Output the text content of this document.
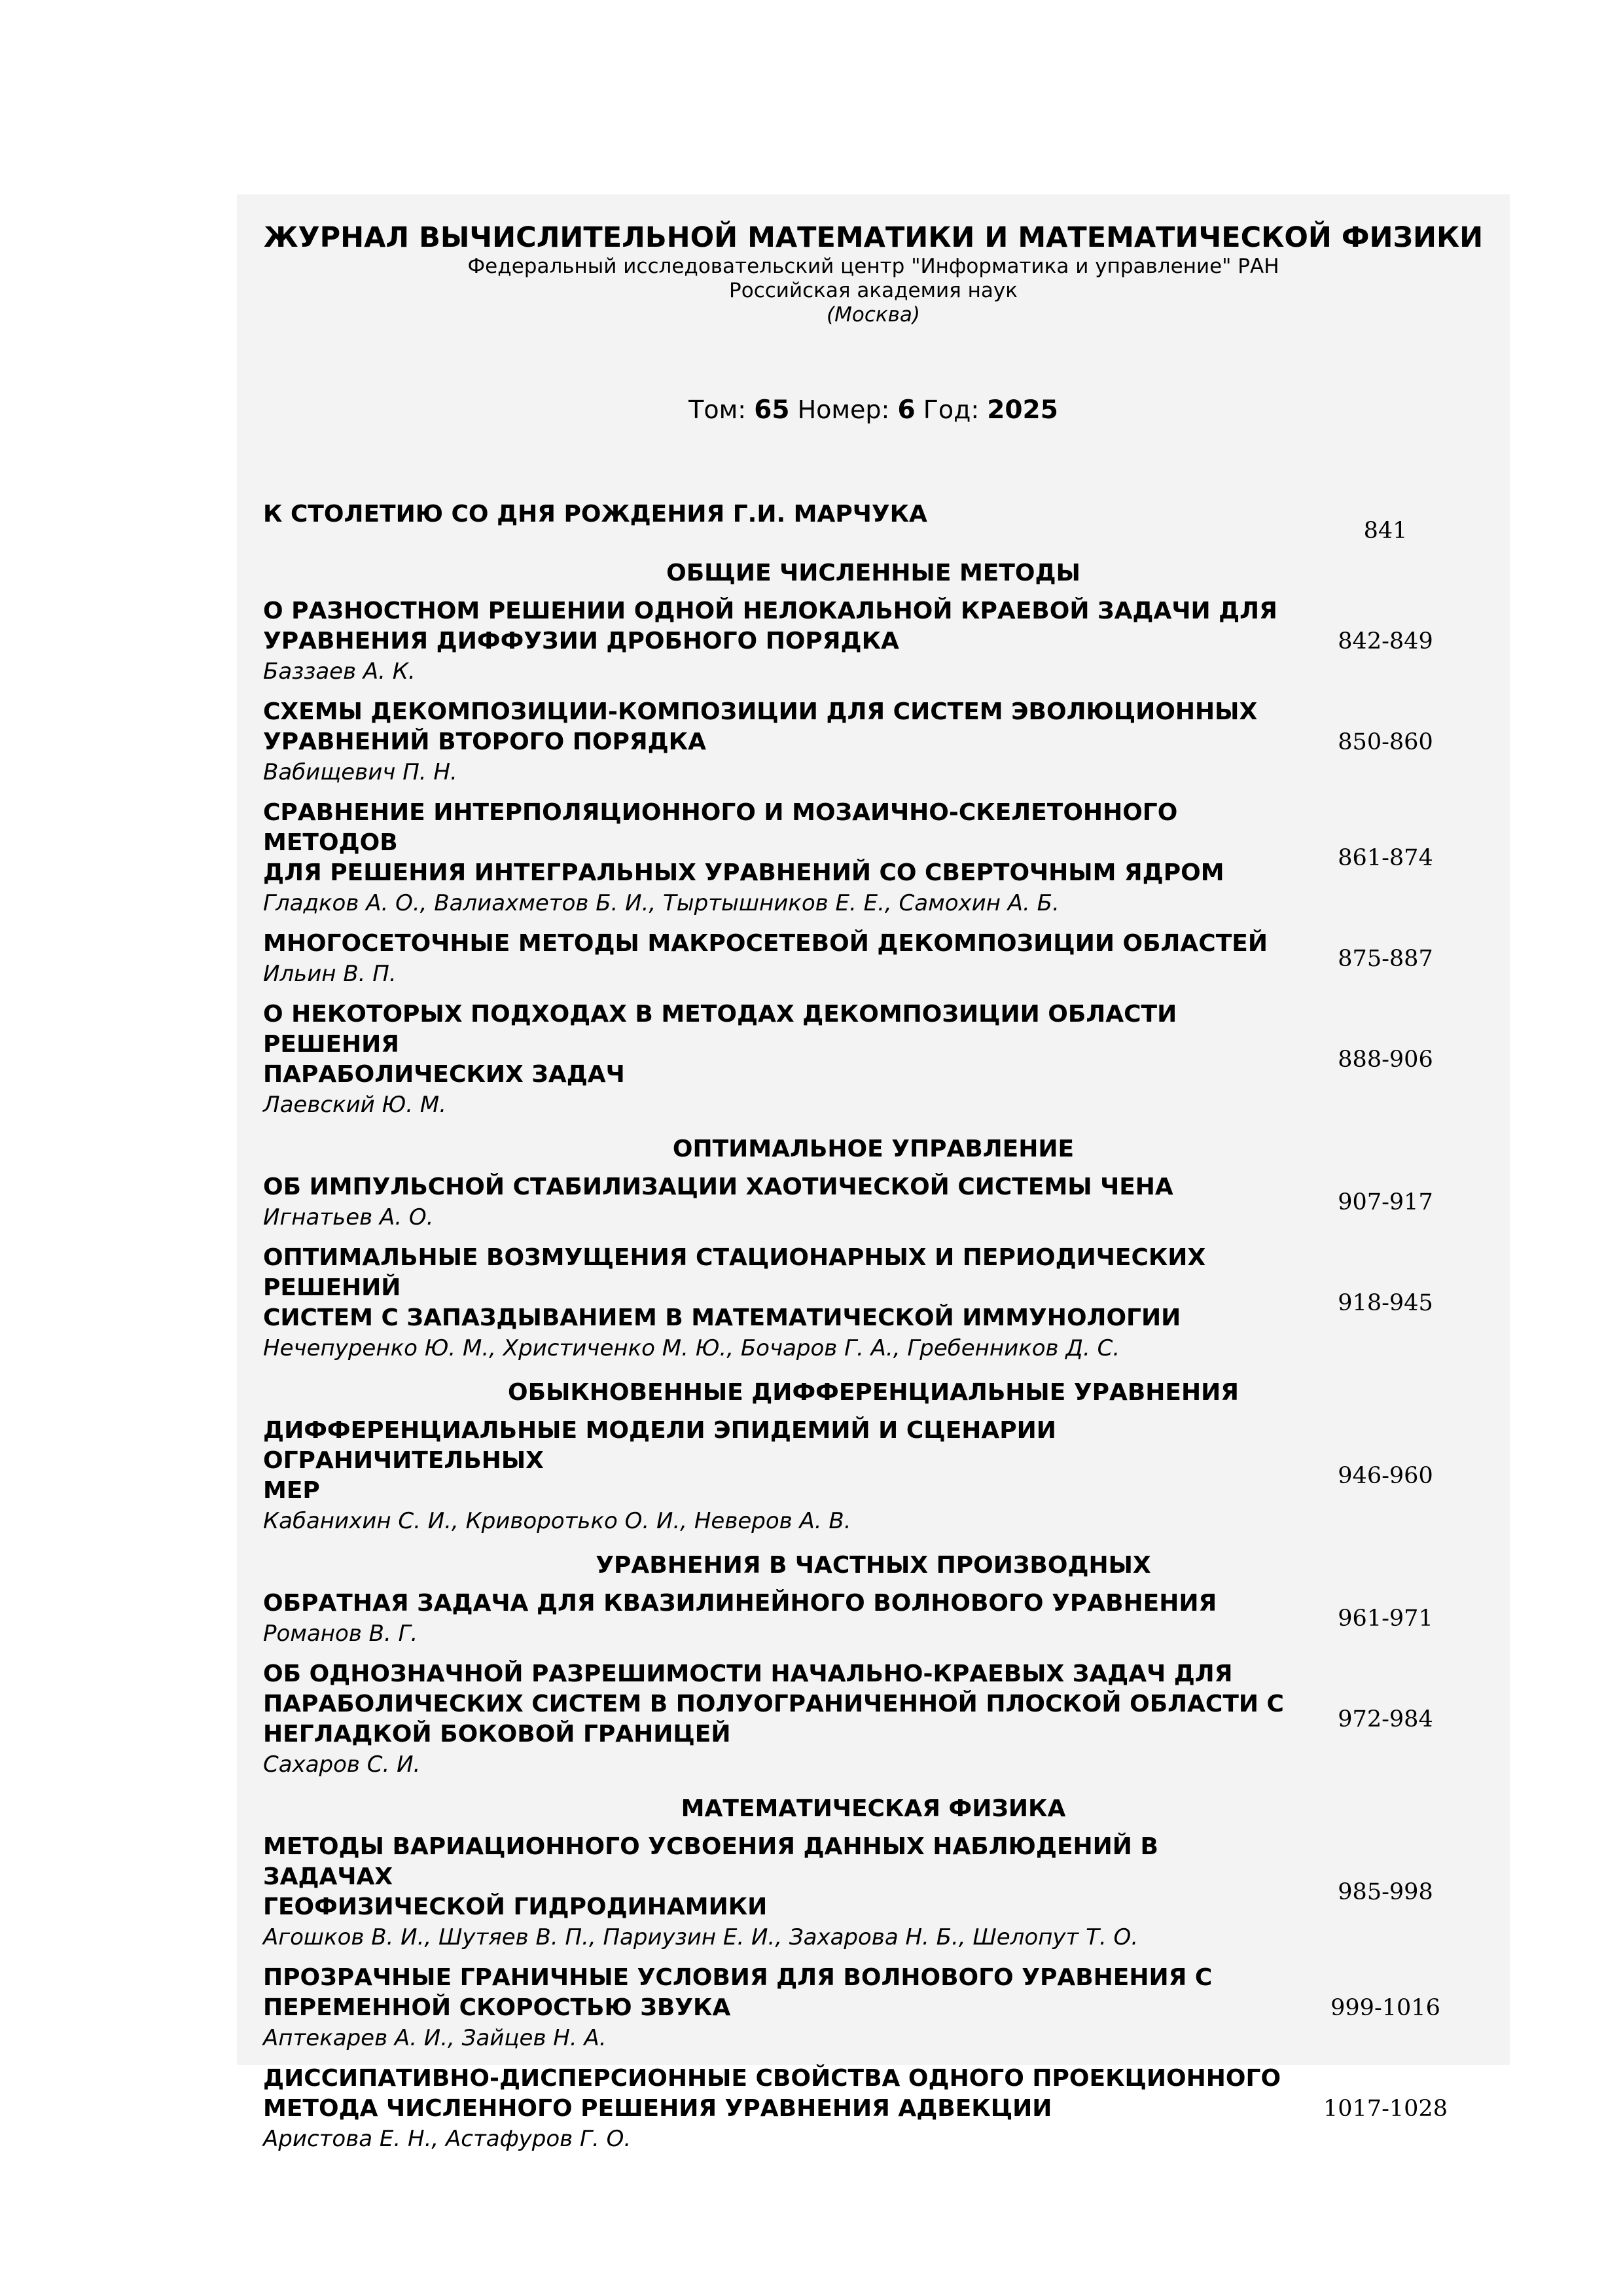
ЖУРНАЛ ВЫЧИСЛИТЕЛЬНОЙ МАТЕМАТИКИ И МАТЕМАТИЧЕСКОЙ ФИЗИКИ
Федеральный исследовательский центр "Информатика и управление" РАН
Российская академия наук
(Москва)
Том: 65 Номер: 6 Год: 2025
К СТОЛЕТИЮ СО ДНЯ РОЖДЕНИЯ Г.И. МАРЧУКА
841
ОБЩИЕ ЧИСЛЕННЫЕ МЕТОДЫ
О РАЗНОСТНОМ РЕШЕНИИ ОДНОЙ НЕЛОКАЛЬНОЙ КРАЕВОЙ ЗАДАЧИ ДЛЯ
УРАВНЕНИЯ ДИФФУЗИИ ДРОБНОГО ПОРЯДКА
Баззаев А. К.
842-849
СХЕМЫ ДЕКОМПОЗИЦИИ-КОМПОЗИЦИИ ДЛЯ СИСТЕМ ЭВОЛЮЦИОННЫХ
УРАВНЕНИЙ ВТОРОГО ПОРЯДКА
Вабищевич П. Н.
850-860
СРАВНЕНИЕ ИНТЕРПОЛЯЦИОННОГО И МОЗАИЧНО-СКЕЛЕТОННОГО МЕТОДОВ
ДЛЯ РЕШЕНИЯ ИНТЕГРАЛЬНЫХ УРАВНЕНИЙ СО СВЕРТОЧНЫМ ЯДРОМ
Гладков А. О., Валиахметов Б. И., Тыртышников Е. Е., Самохин А. Б.
861-874
МНОГОСЕТОЧНЫЕ МЕТОДЫ МАКРОСЕТЕВОЙ ДЕКОМПОЗИЦИИ ОБЛАСТЕЙ
Ильин В. П.
875-887
О НЕКОТОРЫХ ПОДХОДАХ В МЕТОДАХ ДЕКОМПОЗИЦИИ ОБЛАСТИ РЕШЕНИЯ
ПАРАБОЛИЧЕСКИХ ЗАДАЧ
Лаевский Ю. М.
888-906
ОПТИМАЛЬНОЕ УПРАВЛЕНИЕ
ОБ ИМПУЛЬСНОЙ СТАБИЛИЗАЦИИ ХАОТИЧЕСКОЙ СИСТЕМЫ ЧЕНА
Игнатьев А. О.
907-917
ОПТИМАЛЬНЫЕ ВОЗМУЩЕНИЯ СТАЦИОНАРНЫХ И ПЕРИОДИЧЕСКИХ РЕШЕНИЙ
СИСТЕМ С ЗАПАЗДЫВАНИЕМ В МАТЕМАТИЧЕСКОЙ ИММУНОЛОГИИ
Нечепуренко Ю. М., Христиченко М. Ю., Бочаров Г. А., Гребенников Д. С.
918-945
ОБЫКНОВЕННЫЕ ДИФФЕРЕНЦИАЛЬНЫЕ УРАВНЕНИЯ
ДИФФЕРЕНЦИАЛЬНЫЕ МОДЕЛИ ЭПИДЕМИЙ И СЦЕНАРИИ ОГРАНИЧИТЕЛЬНЫХ
МЕР
Кабанихин С. И., Криворотько О. И., Неверов А. В.
946-960
УРАВНЕНИЯ В ЧАСТНЫХ ПРОИЗВОДНЫХ
ОБРАТНАЯ ЗАДАЧА ДЛЯ КВАЗИЛИНЕЙНОГО ВОЛНОВОГО УРАВНЕНИЯ
Романов В. Г.
961-971
ОБ ОДНОЗНАЧНОЙ РАЗРЕШИМОСТИ НАЧАЛЬНО-КРАЕВЫХ ЗАДАЧ ДЛЯ
ПАРАБОЛИЧЕСКИХ СИСТЕМ В ПОЛУОГРАНИЧЕННОЙ ПЛОСКОЙ ОБЛАСТИ С
НЕГЛАДКОЙ БОКОВОЙ ГРАНИЦЕЙ
Сахаров С. И.
972-984
МАТЕМАТИЧЕСКАЯ ФИЗИКА
МЕТОДЫ ВАРИАЦИОННОГО УСВОЕНИЯ ДАННЫХ НАБЛЮДЕНИЙ В ЗАДАЧАХ
ГЕОФИЗИЧЕСКОЙ ГИДРОДИНАМИКИ
Агошков В. И., Шутяев В. П., Париузин Е. И., Захарова Н. Б., Шелопут Т. О.
985-998
ПРОЗРАЧНЫЕ ГРАНИЧНЫЕ УСЛОВИЯ ДЛЯ ВОЛНОВОГО УРАВНЕНИЯ С
ПЕРЕМЕННОЙ СКОРОСТЬЮ ЗВУКА
Аптекарев А. И., Зайцев Н. А.
999-1016
ДИССИПАТИВНО-ДИСПЕРСИОННЫЕ СВОЙСТВА ОДНОГО ПРОЕКЦИОННОГО
МЕТОДА ЧИСЛЕННОГО РЕШЕНИЯ УРАВНЕНИЯ АДВЕКЦИИ
Аристова Е. Н., Астафуров Г. О.
1017-1028
